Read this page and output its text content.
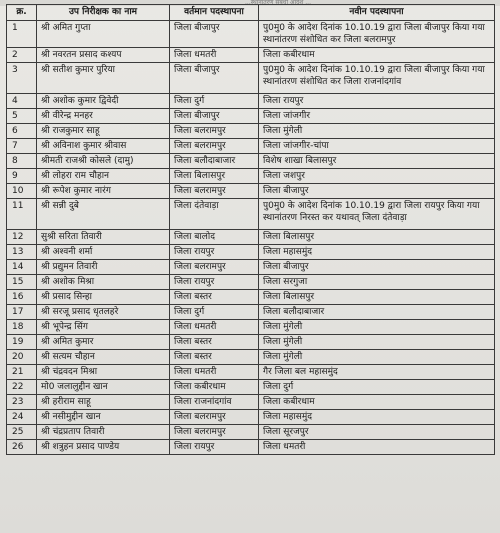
...स्थानांतरण संबंधी आदेश ...
क्र.	उप निरीक्षक का नाम	वर्तमान पदस्थापना	नवीन पदस्थापना
1	श्री अमित गुप्ता	जिला बीजापुर	पु0मु0 के आदेश दिनांक 10.10.19 द्वारा जिला बीजापुर किया गया स्थानांतरण संशोधित कर जिला बलरामपुर
2	श्री नवरतन प्रसाद कश्यप	जिला धमतरी	जिला कबीरधाम
3	श्री सतीश कुमार पुरिया	जिला बीजापुर	पु0मु0 के आदेश दिनांक 10.10.19 द्वारा जिला बीजापुर किया गया स्थानांतरण संशोधित कर जिला राजनांदगांव
4	श्री अशोक कुमार द्विवेदी	जिला दुर्ग	जिला रायपुर
5	श्री वीरेन्द्र मनहर	जिला बीजापुर	जिला जांजगीर
6	श्री राजकुमार साहू	जिला बलरामपुर	जिला मुंगेली
7	श्री अविनाश कुमार श्रीवास	जिला बलरामपुर	जिला जांजगीर-चांपा
8	श्रीमती राजश्री कोसले (दामु)	जिला बलौदाबाजार	विशेष शाखा बिलासपुर
9	श्री लोहरा राम चौहान	जिला बिलासपुर	जिला जशपुर
10	श्री रूपेश कुमार नारंग	जिला बलरामपुर	जिला बीजापुर
11	श्री सन्नी दुबे	जिला दंतेवाड़ा	पु0मु0 के आदेश दिनांक 10.10.19 द्वारा जिला रायपुर किया गया स्थानांतरण निरस्त कर यथावत् जिला दंतेवाड़ा
12	सुश्री सरिता तिवारी	जिला बालोद	जिला बिलासपुर
13	श्री अश्वनी शर्मा	जिला रायपुर	जिला महासमुंद
14	श्री प्रद्युमन तिवारी	जिला बलरामपुर	जिला बीजापुर
15	श्री अशोक मिश्रा	जिला रायपुर	जिला सरगुजा
16	श्री प्रसाद सिन्हा	जिला बस्तर	जिला बिलासपुर
17	श्री सरजू प्रसाद धृतलहरे	जिला दुर्ग	जिला बलौदाबाजार
18	श्री भूपेन्द्र सिंग	जिला धमतरी	जिला मुंगेली
19	श्री अमित कुमार	जिला बस्तर	जिला मुंगेली
20	श्री सत्यम चौहान	जिला बस्तर	जिला मुंगेली
21	श्री चंद्रवदन मिश्रा	जिला धमतरी	गैर जिला बल महासमुंद
22	मो0 जलालुद्दीन खान	जिला कबीरधाम	जिला दुर्ग
23	श्री हरीराम साहू	जिला राजनांदगांव	जिला कबीरधाम
24	श्री नसीमुद्दीन खान	जिला बलरामपुर	जिला महासमुंद
25	श्री चंद्रप्रताप तिवारी	जिला बलरामपुर	जिला सूरजपुर
26	श्री शत्रुहन प्रसाद पाण्डेय	जिला रायपुर	जिला धमतरी
